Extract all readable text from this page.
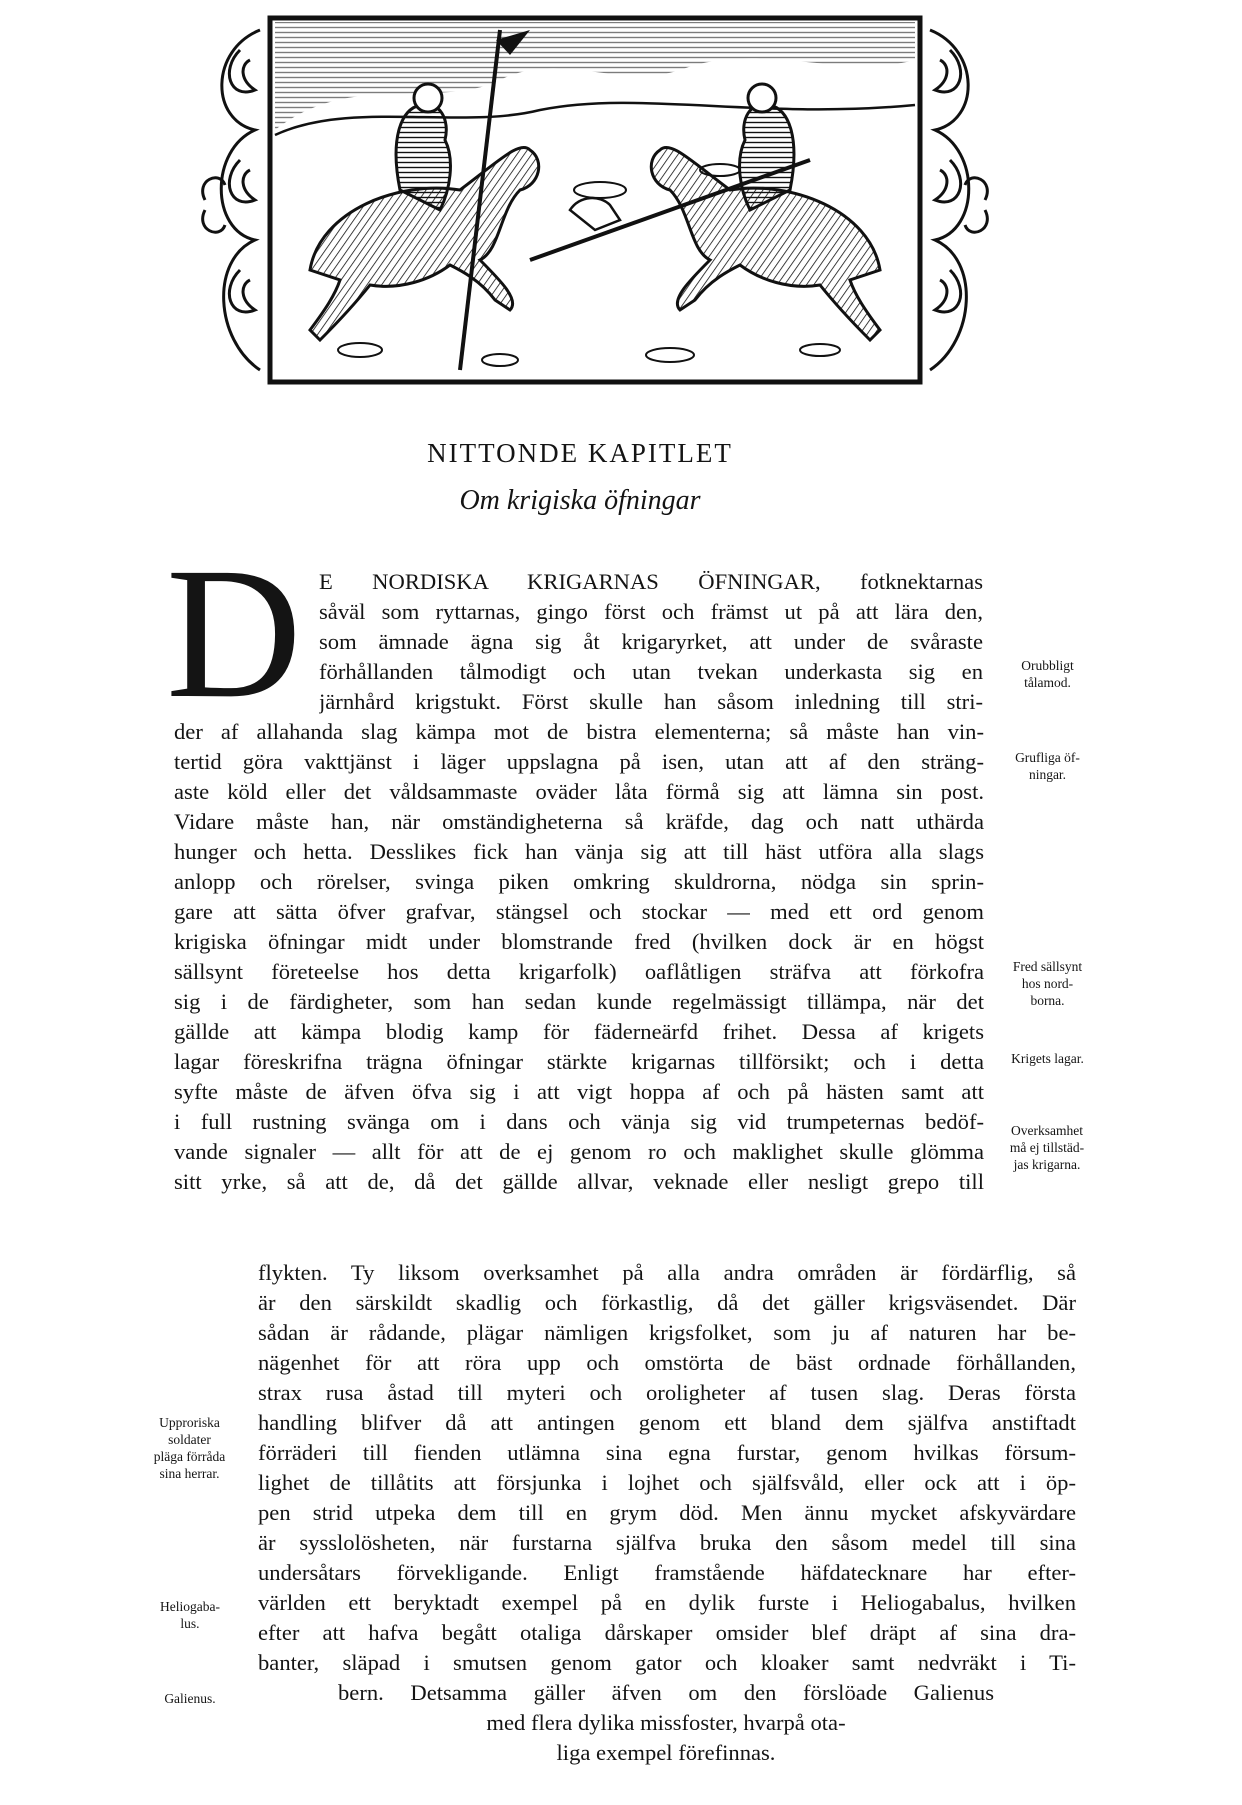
NITTONDE KAPITLET
Om krigiska öfningar
D E NORDISKA KRIGARNAS ÖFNINGAR, fotknektarnas
såväl som ryttarnas, gingo först och främst ut på att lära den,
som ämnade ägna sig åt krigaryrket, att under de svåraste
förhållanden tålmodigt och utan tvekan underkasta sig en
järnhård krigstukt. Först skulle han såsom inledning till stri-
der af allahanda slag kämpa mot de bistra elementerna; så måste han vin-
tertid göra vakttjänst i läger uppslagna på isen, utan att af den sträng-
aste köld eller det våldsammaste oväder låta förmå sig att lämna sin post.
Vidare måste han, när omständigheterna så kräfde, dag och natt uthärda
hunger och hetta. Desslikes fick han vänja sig att till häst utföra alla slags
anlopp och rörelser, svinga piken omkring skuldrorna, nödga sin sprin-
gare att sätta öfver grafvar, stängsel och stockar — med ett ord genom
krigiska öfningar midt under blomstrande fred (hvilken dock är en högst
sällsynt företeelse hos detta krigarfolk) oaflåtligen sträfva att förkofra
sig i de färdigheter, som han sedan kunde regelmässigt tillämpa, när det
gällde att kämpa blodig kamp för fäderneärfd frihet. Dessa af krigets
lagar föreskrifna trägna öfningar stärkte krigarnas tillförsikt; och i detta
syfte måste de äfven öfva sig i att vigt hoppa af och på hästen samt att
i full rustning svänga om i dans och vänja sig vid trumpeternas bedöf-
vande signaler — allt för att de ej genom ro och maklighet skulle glömma
sitt yrke, så att de, då det gällde allvar, veknade eller nesligt grepo till
Orubbligt
tålamod.
Grufliga öf-
ningar.
Fred sällsynt
hos nord-
borna.
Krigets lagar.
Overksamhet
må ej tillstäd-
jas krigarna.
flykten. Ty liksom overksamhet på alla andra områden är fördärflig, så
är den särskildt skadlig och förkastlig, då det gäller krigsväsendet. Där
sådan är rådande, plägar nämligen krigsfolket, som ju af naturen har be-
nägenhet för att röra upp och omstörta de bäst ordnade förhållanden,
strax rusa åstad till myteri och oroligheter af tusen slag. Deras första
handling blifver då att antingen genom ett bland dem själfva anstiftadt
förräderi till fienden utlämna sina egna furstar, genom hvilkas försum-
lighet de tillåtits att försjunka i lojhet och själfsvåld, eller ock att i öp-
pen strid utpeka dem till en grym död. Men ännu mycket afskyvärdare
är sysslolösheten, när furstarna själfva bruka den såsom medel till sina
undersåtars förvekligande. Enligt framstående häfdatecknare har efter-
världen ett beryktadt exempel på en dylik furste i Heliogabalus, hvilken
efter att hafva begått otaliga dårskaper omsider blef dräpt af sina dra-
banter, släpad i smutsen genom gator och kloaker samt nedvräkt i Ti-
bern. Detsamma gäller äfven om den förslöade Galienus
med flera dylika missfoster, hvarpå ota-
liga exempel förefinnas.
Upproriska
soldater
pläga förråda
sina herrar.
Heliogaba-
lus.
Galienus.
